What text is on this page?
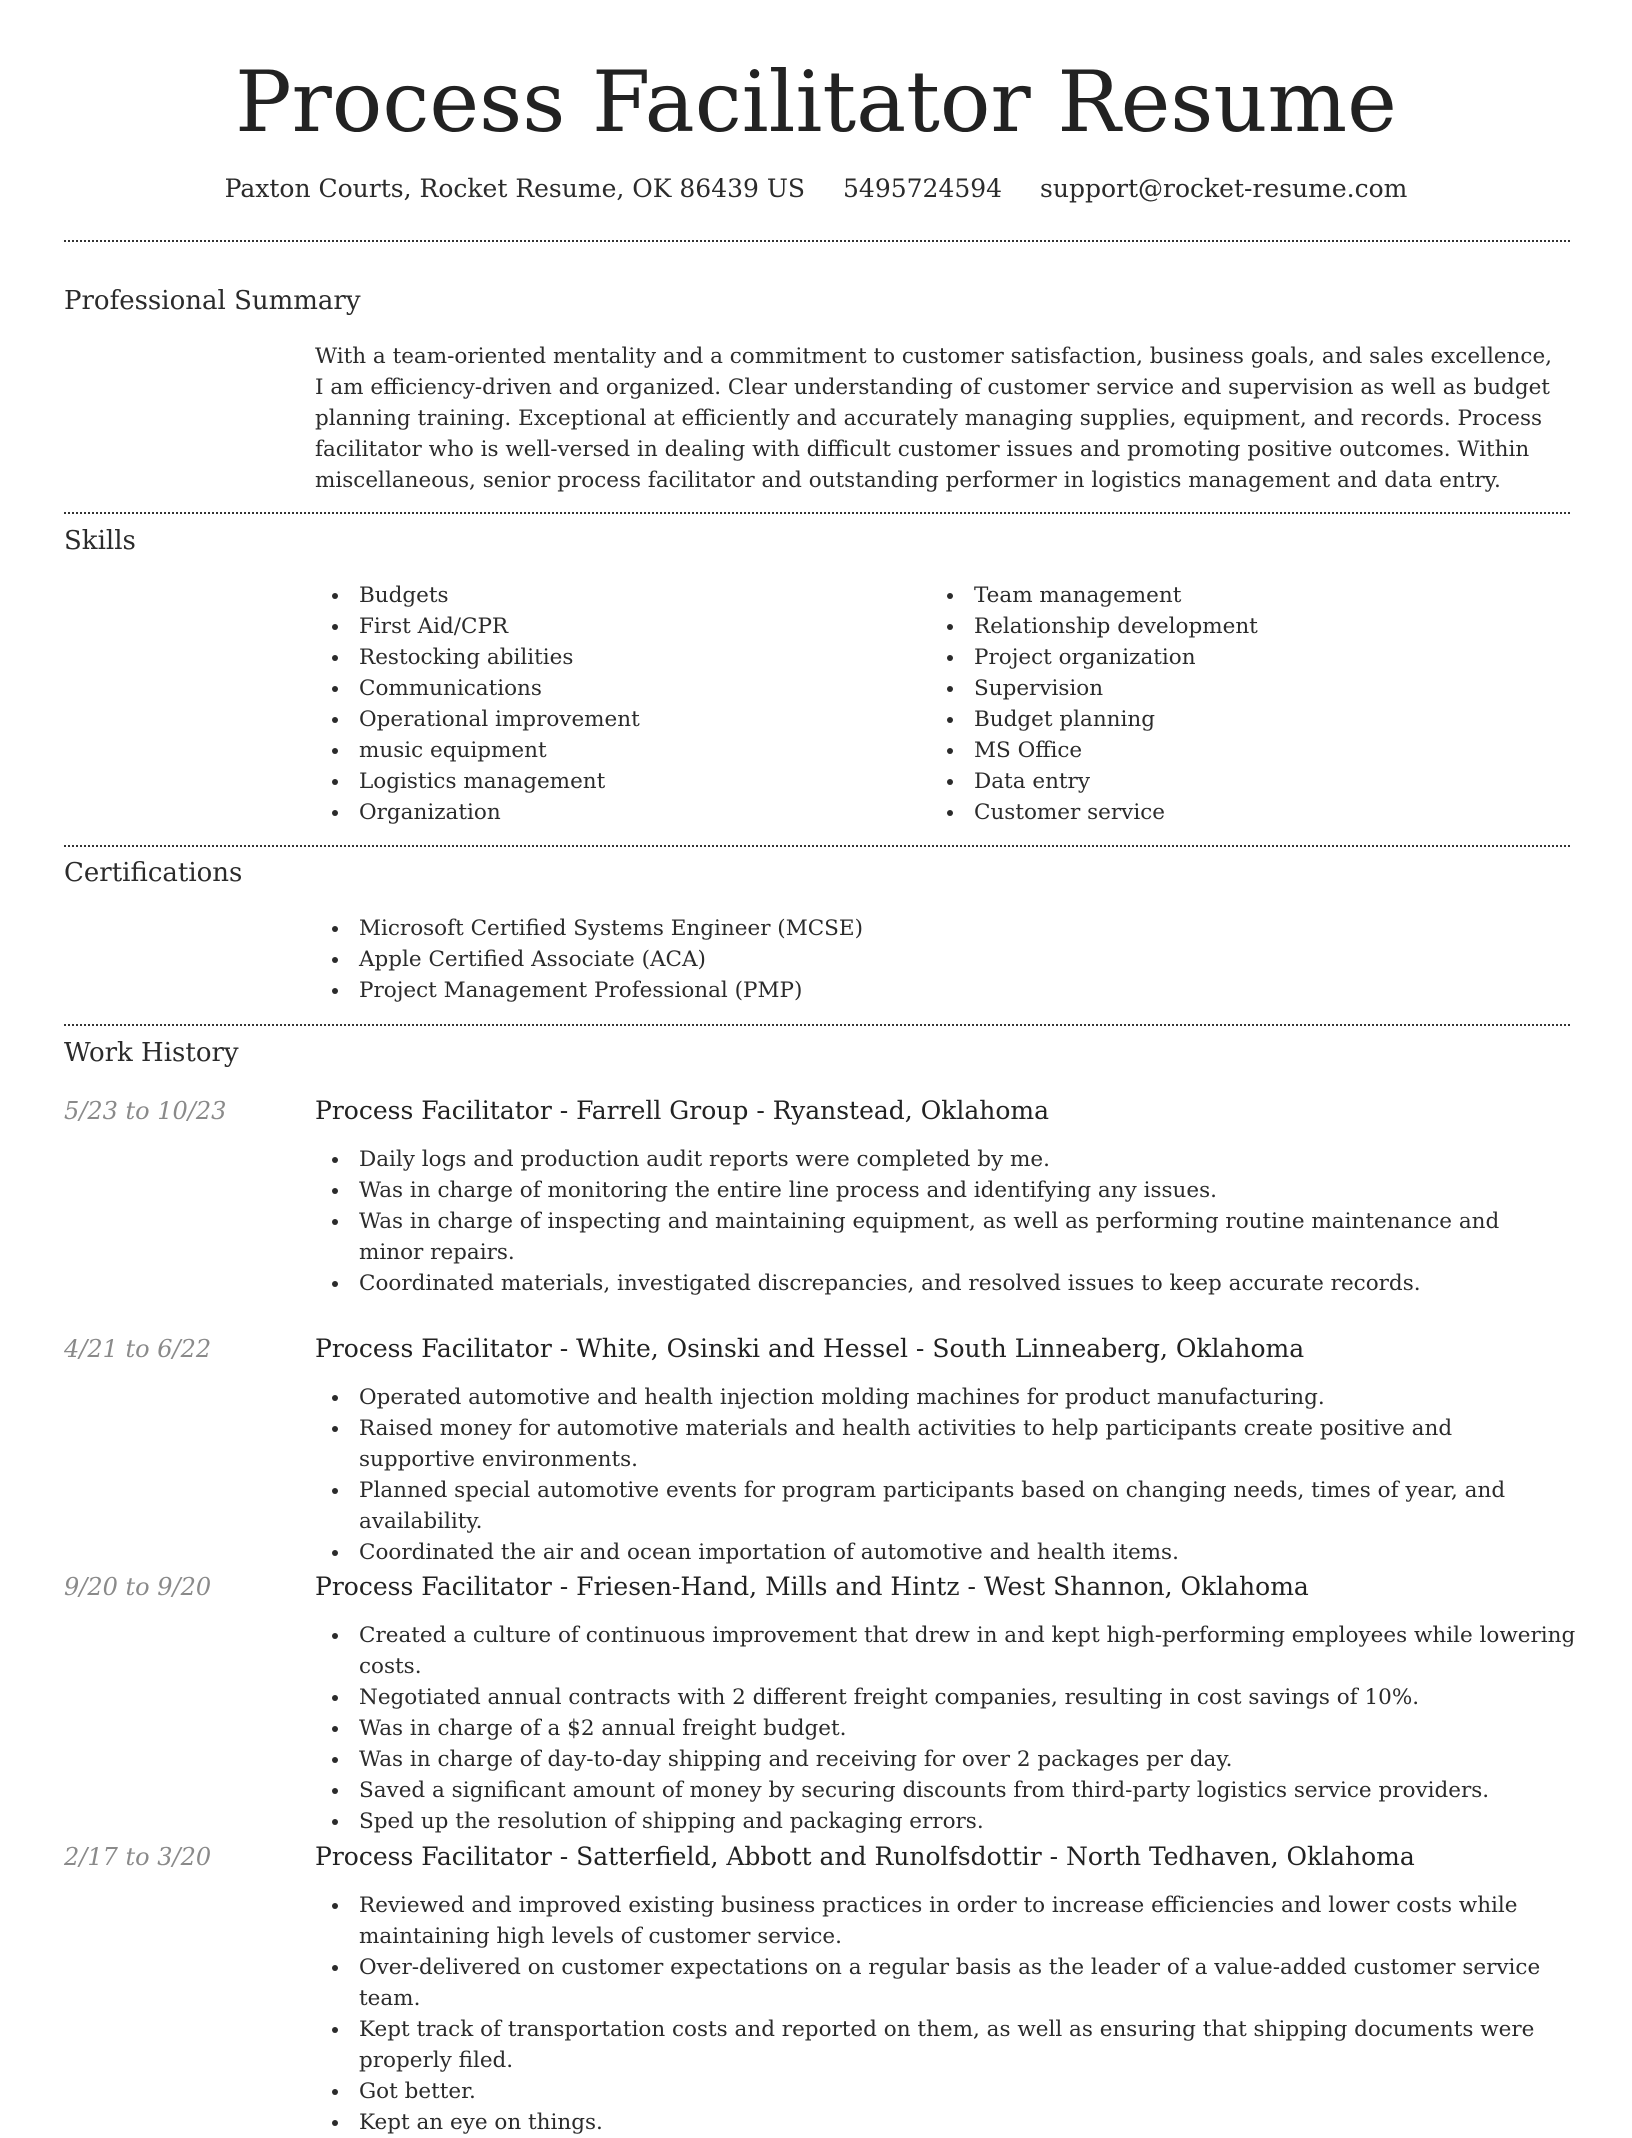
Process Facilitator Resume
Paxton Courts, Rocket Resume, OK 86439 US 5495724594 support@rocket-resume.com
Professional Summary

With a team-oriented mentality and a commitment to customer satisfaction, business goals, and sales excellence, I am efficiency-driven and organized. Clear understanding of customer service and supervision as well as budget planning training. Exceptional at efficiently and accurately managing supplies, equipment, and records. Process facilitator who is well-versed in dealing with difficult customer issues and promoting positive outcomes. Within miscellaneous, senior process facilitator and outstanding performer in logistics management and data entry.

Skills
Budgets
First Aid/CPR
Restocking abilities
Communications
Operational improvement
music equipment
Logistics management
Organization
Team management
Relationship development
Project organization
Supervision
Budget planning
MS Office
Data entry
Customer service
Certifications
Microsoft Certified Systems Engineer (MCSE)
Apple Certified Associate (ACA)
Project Management Professional (PMP)
Work History
5/23 to 10/23	Process Facilitator - Farrell Group - Ryanstead, Oklahoma
Daily logs and production audit reports were completed by me.
Was in charge of monitoring the entire line process and identifying any issues.
Was in charge of inspecting and maintaining equipment, as well as performing routine maintenance and minor repairs.
Coordinated materials, investigated discrepancies, and resolved issues to keep accurate records.
4/21 to 6/22	Process Facilitator - White, Osinski and Hessel - South Linneaberg, Oklahoma
Operated automotive and health injection molding machines for product manufacturing.
Raised money for automotive materials and health activities to help participants create positive and supportive environments.
Planned special automotive events for program participants based on changing needs, times of year, and availability.
Coordinated the air and ocean importation of automotive and health items.
9/20 to 9/20	Process Facilitator - Friesen-Hand, Mills and Hintz - West Shannon, Oklahoma
Created a culture of continuous improvement that drew in and kept high-performing employees while lowering costs.
Negotiated annual contracts with 2 different freight companies, resulting in cost savings of 10%.
Was in charge of a $2 annual freight budget.
Was in charge of day-to-day shipping and receiving for over 2 packages per day.
Saved a significant amount of money by securing discounts from third-party logistics service providers.
Sped up the resolution of shipping and packaging errors.
2/17 to 3/20	Process Facilitator - Satterfield, Abbott and Runolfsdottir - North Tedhaven, Oklahoma
Reviewed and improved existing business practices in order to increase efficiencies and lower costs while maintaining high levels of customer service.
Over-delivered on customer expectations on a regular basis as the leader of a value-added customer service team.
Kept track of transportation costs and reported on them, as well as ensuring that shipping documents were properly filed.
Got better.
Kept an eye on things.
